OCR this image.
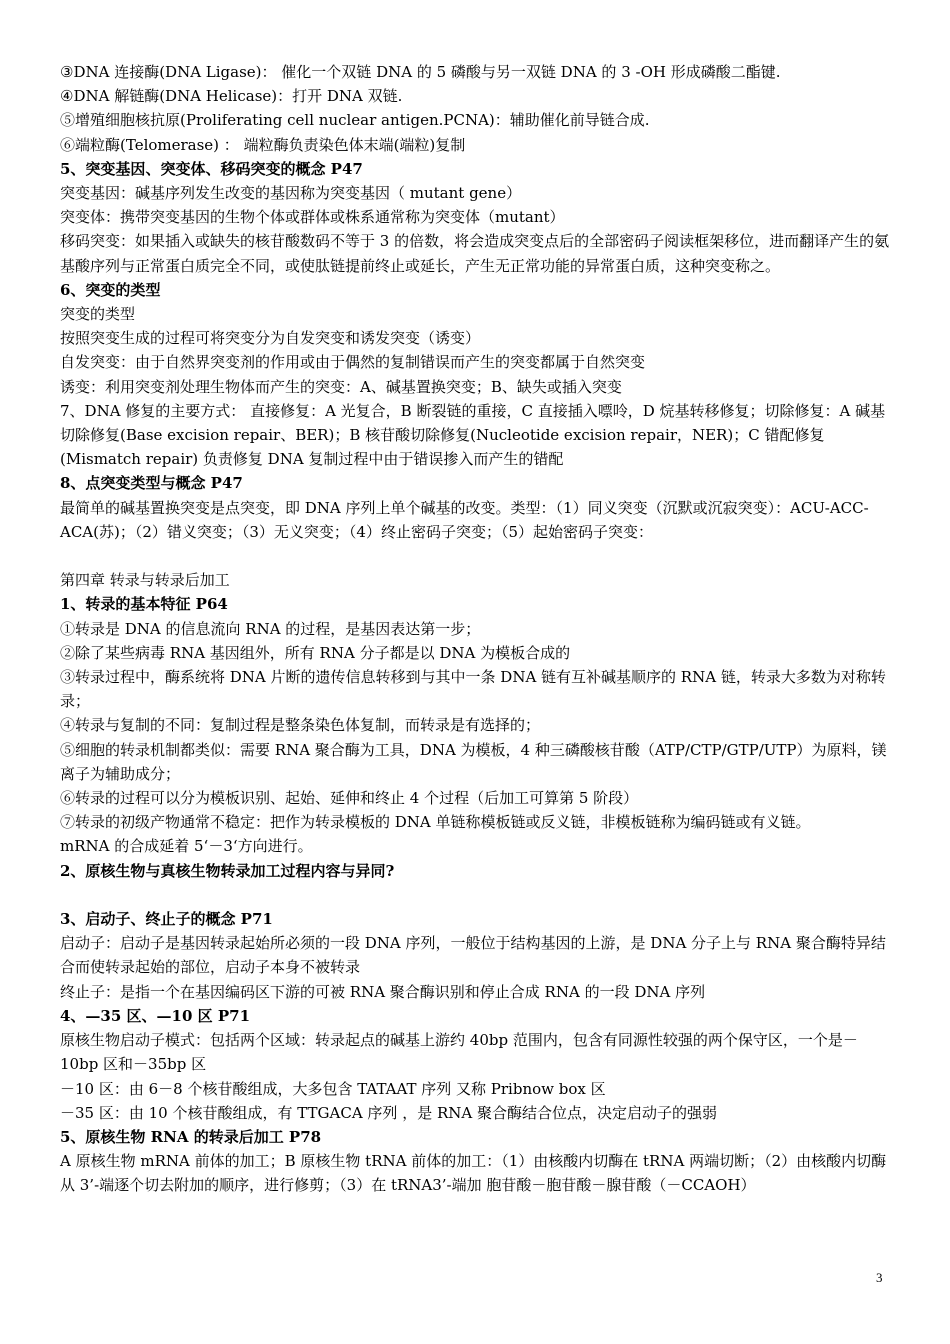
③DNA 连接酶(DNA Ligase)： 催化一个双链 DNA 的 5 磷酸与另一双链 DNA 的 3 -OH 形成磷酸二酯键.
④DNA 解链酶(DNA Helicase)：打开 DNA 双链.
⑤增殖细胞核抗原(Proliferating cell nuclear antigen.PCNA)：辅助催化前导链合成.
⑥端粒酶(Telomerase) ： 端粒酶负责染色体末端(端粒)复制
5、突变基因、突变体、移码突变的概念 P47
突变基因：碱基序列发生改变的基因称为突变基因（ mutant gene）
突变体：携带突变基因的生物个体或群体或株系通常称为突变体（mutant）
移码突变：如果插入或缺失的核苷酸数码不等于 3 的倍数，将会造成突变点后的全部密码子阅读框架移位，进而翻译产生的氨基酸序列与正常蛋白质完全不同，或使肽链提前终止或延长，产生无正常功能的异常蛋白质，这种突变称之。
6、突变的类型
突变的类型
按照突变生成的过程可将突变分为自发突变和诱发突变（诱变）
自发突变：由于自然界突变剂的作用或由于偶然的复制错误而产生的突变都属于自然突变
诱变：利用突变剂处理生物体而产生的突变：A、碱基置换突变；B、缺失或插入突变
7、DNA 修复的主要方式： 直接修复：A 光复合，B 断裂链的重接，C 直接插入嘌呤，D 烷基转移修复；切除修复：A 碱基切除修复(Base excision repair、BER)；B 核苷酸切除修复(Nucleotide excision repair，NER)；C 错配修复 (Mismatch repair) 负责修复 DNA 复制过程中由于错误掺入而产生的错配
8、点突变类型与概念 P47
最简单的碱基置换突变是点突变，即 DNA 序列上单个碱基的改变。类型：（1）同义突变（沉默或沉寂突变）：ACU-ACC-ACA(苏)；（2）错义突变；（3）无义突变；（4）终止密码子突变；（5）起始密码子突变：
第四章 转录与转录后加工
1、转录的基本特征 P64
①转录是 DNA 的信息流向 RNA 的过程，是基因表达第一步；
②除了某些病毒 RNA 基因组外，所有 RNA 分子都是以 DNA 为模板合成的
③转录过程中，酶系统将 DNA 片断的遗传信息转移到与其中一条 DNA 链有互补碱基顺序的 RNA 链，转录大多数为对称转录；
④转录与复制的不同：复制过程是整条染色体复制，而转录是有选择的；
⑤细胞的转录机制都类似：需要 RNA 聚合酶为工具，DNA 为模板，4 种三磷酸核苷酸（ATP/CTP/GTP/UTP）为原料，镁离子为辅助成分；
⑥转录的过程可以分为模板识别、起始、延伸和终止 4 个过程（后加工可算第 5 阶段）
⑦转录的初级产物通常不稳定：把作为转录模板的 DNA 单链称模板链或反义链，非模板链称为编码链或有义链。
mRNA 的合成延着 5‘－3‘方向进行。
2、原核生物与真核生物转录加工过程内容与异同?
3、启动子、终止子的概念 P71
启动子：启动子是基因转录起始所必须的一段 DNA 序列，一般位于结构基因的上游，是 DNA 分子上与 RNA 聚合酶特异结合而使转录起始的部位，启动子本身不被转录
终止子：是指一个在基因编码区下游的可被 RNA 聚合酶识别和停止合成 RNA 的一段 DNA 序列
4、—35 区、—10 区 P71
原核生物启动子模式：包括两个区域：转录起点的碱基上游约 40bp 范围内，包含有同源性较强的两个保守区，一个是－10bp 区和－35bp 区
－10 区：由 6－8 个核苷酸组成，大多包含 TATAAT 序列 又称 Pribnow box 区
－35 区：由 10 个核苷酸组成，有 TTGACA 序列 ，是 RNA 聚合酶结合位点，决定启动子的强弱
5、原核生物 RNA 的转录后加工 P78
A 原核生物 mRNA 前体的加工；B 原核生物 tRNA 前体的加工：（1）由核酸内切酶在 tRNA 两端切断；（2）由核酸内切酶从 3’-端逐个切去附加的顺序，进行修剪；（3）在 tRNA3’-端加 胞苷酸－胞苷酸－腺苷酸（－CCAOH）
3
